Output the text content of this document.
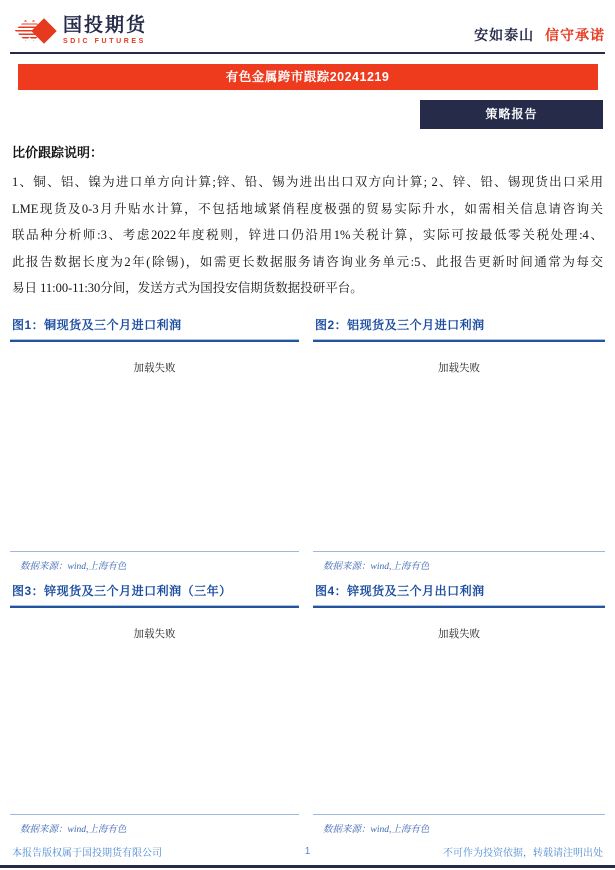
国投期货
SDIC FUTURES	安如泰山 信守承诺
有色金属跨市跟踪20241219
策略报告
比价跟踪说明：
1、铜、铝、镍为进口单方向计算;锌、铅、锡为进出出口双方向计算; 2、锌、铅、锡现货出口采用
LME现货及0-3月升贴水计算，不包括地域紧俏程度极强的贸易实际升水，如需相关信息请咨询关
联品种分析师:3、考虑2022年度税则，锌进口仍沿用1%关税计算，实际可按最低零关税处理:4、
此报告数据长度为2年(除锡)，如需更长数据服务请咨询业务单元:5、此报告更新时间通常为每交
易日 11:00-11:30分间，发送方式为国投安信期货数据投研平台。
图1：铜现货及三个月进口利润
加载失败
数据来源：wind,上海有色
图2：铝现货及三个月进口利润
加载失败
数据来源：wind,上海有色
图3：锌现货及三个月进口利润（三年）
加载失败
数据来源：wind,上海有色
图4：锌现货及三个月出口利润
加载失败
数据来源：wind,上海有色
本报告版权属于国投期货有限公司	1	不可作为投资依据，转载请注明出处
